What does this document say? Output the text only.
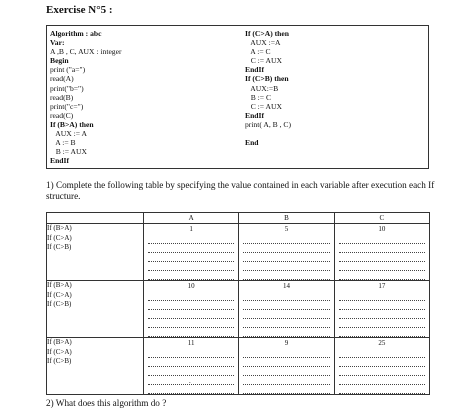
Exercise N°5 :
Algorithm : abc
Var:
A ,B , C, AUX : integer
Begin
print ("a=")
read(A)
print("b=")
read(B)
print("c=")
read(C)
If (B>A) then
AUX := A
A := B
B := AUX
EndIf
If (C>A) then
AUX :=A
A := C
C := AUX
EndIf
If (C>B) then
AUX:=B
B := C
C := AUX
EndIf
print( A, B , C)

End
1) Complete the following table by specifying the value contained in each variable after execution each If structure.
	A	B	C

If (B>A)
If (C>A)
If (C>B)	1	5	10

If (B>A)
If (C>A)
If (C>B)	10	14	17

If (B>A)
If (C>A)
If (C>B)	11	9	25
.
2) What does this algorithm do ?
